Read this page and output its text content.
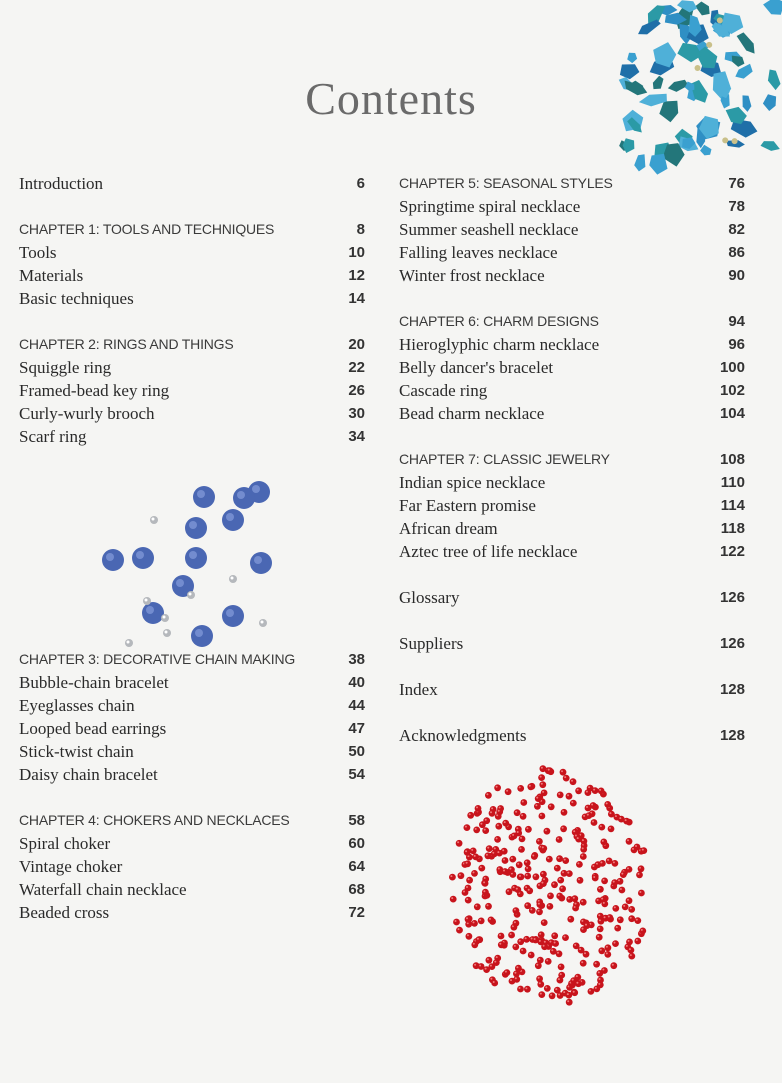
Contents
Introduction	6
CHAPTER 1: TOOLS AND TECHNIQUES	8
Tools	10
Materials	12
Basic techniques	14
CHAPTER 2: RINGS AND THINGS	20
Squiggle ring	22
Framed-bead key ring	26
Curly-wurly brooch	30
Scarf ring	34
CHAPTER 3: DECORATIVE CHAIN MAKING	38
Bubble-chain bracelet	40
Eyeglasses chain	44
Looped bead earrings	47
Stick-twist chain	50
Daisy chain bracelet	54
CHAPTER 4: CHOKERS AND NECKLACES	58
Spiral choker	60
Vintage choker	64
Waterfall chain necklace	68
Beaded cross	72
CHAPTER 5: SEASONAL STYLES	76
Springtime spiral necklace	78
Summer seashell necklace	82
Falling leaves necklace	86
Winter frost necklace	90
CHAPTER 6: CHARM DESIGNS	94
Hieroglyphic charm necklace	96
Belly dancer's bracelet	100
Cascade ring	102
Bead charm necklace	104
CHAPTER 7: CLASSIC JEWELRY	108
Indian spice necklace	110
Far Eastern promise	114
African dream	118
Aztec tree of life necklace	122
Glossary	126
Suppliers	126
Index	128
Acknowledgments	128
